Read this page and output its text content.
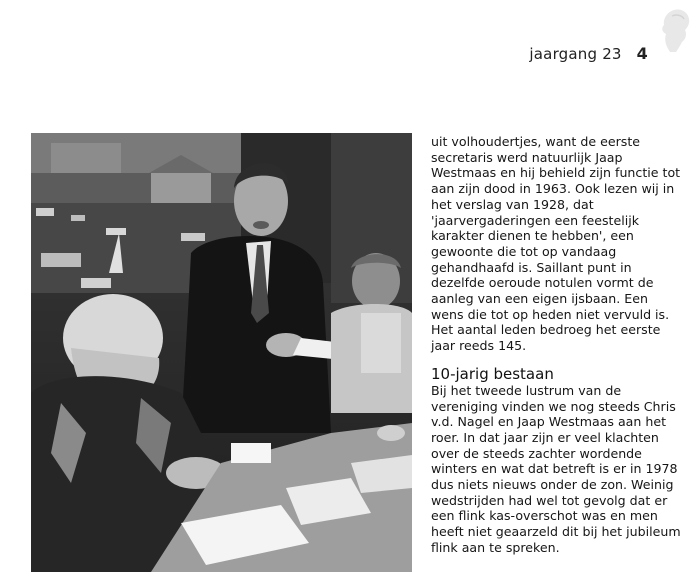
jaargang 23 4

uit volhoudertjes, want de eerste secretaris werd natuurlijk Jaap Westmaas en hij behield zijn functie tot aan zijn dood in 1963. Ook lezen wij in het verslag van 1928, dat 'jaarvergaderingen een feestelijk karakter dienen te hebben', een gewoonte die tot op vandaag gehandhaafd is. Saillant punt in dezelfde oeroude notulen vormt de aanleg van een eigen ijsbaan. Een wens die tot op heden niet vervuld is. Het aantal leden bedroeg het eerste jaar reeds 145.

10-jarig bestaan

Bij het tweede lustrum van de vereniging vinden we nog steeds Chris v.d. Nagel en Jaap Westmaas aan het roer. In dat jaar zijn er veel klachten over de steeds zachter wordende winters en wat dat betreft is er in 1978 dus niets nieuws onder de zon. Weinig wedstrijden had wel tot gevolg dat er een flink kas-overschot was en men heeft niet geaarzeld dit bij het jubileum flink aan te spreken.
